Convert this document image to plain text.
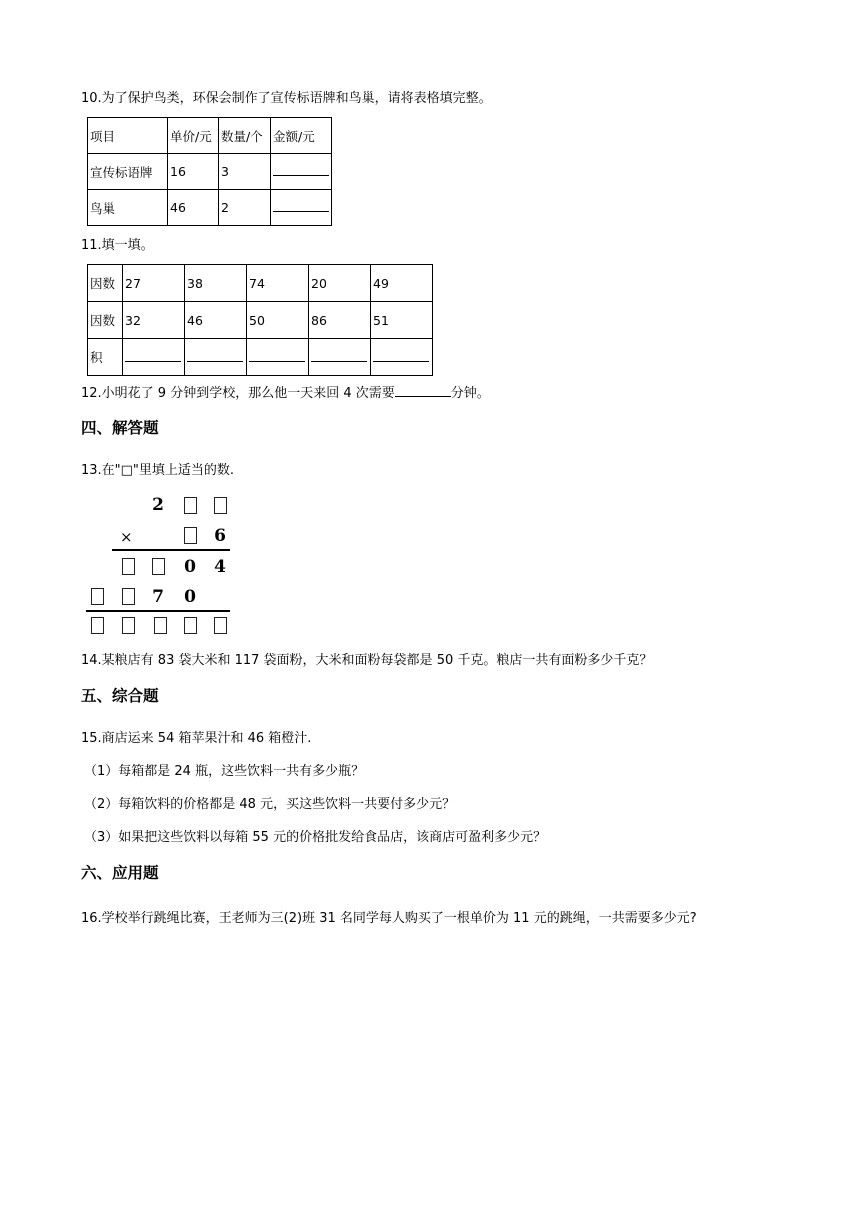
10.为了保护鸟类，环保会制作了宣传标语牌和鸟巢，请将表格填完整。
项目	单价/元	数量/个	金额/元
宣传标语牌	16	3	
鸟巢	46	2	
11.填一填。
因数	27	38	74	20	49
因数	32	46	50	86	51
积					
12.小明花了 9 分钟到学校，那么他一天来回 4 次需要	分钟。
四、解答题
13.在"□"里填上适当的数.
2
×	6
0 4
7 0
14.某粮店有 83 袋大米和 117 袋面粉，大米和面粉每袋都是 50 千克。粮店一共有面粉多少千克？
五、综合题
15.商店运来 54 箱苹果汁和 46 箱橙汁.
（1）每箱都是 24 瓶，这些饮料一共有多少瓶？
（2）每箱饮料的价格都是 48 元，买这些饮料一共要付多少元？
（3）如果把这些饮料以每箱 55 元的价格批发给食品店，该商店可盈利多少元？
六、应用题
16.学校举行跳绳比赛，王老师为三(2)班 31 名同学每人购买了一根单价为 11 元的跳绳，一共需要多少元?
